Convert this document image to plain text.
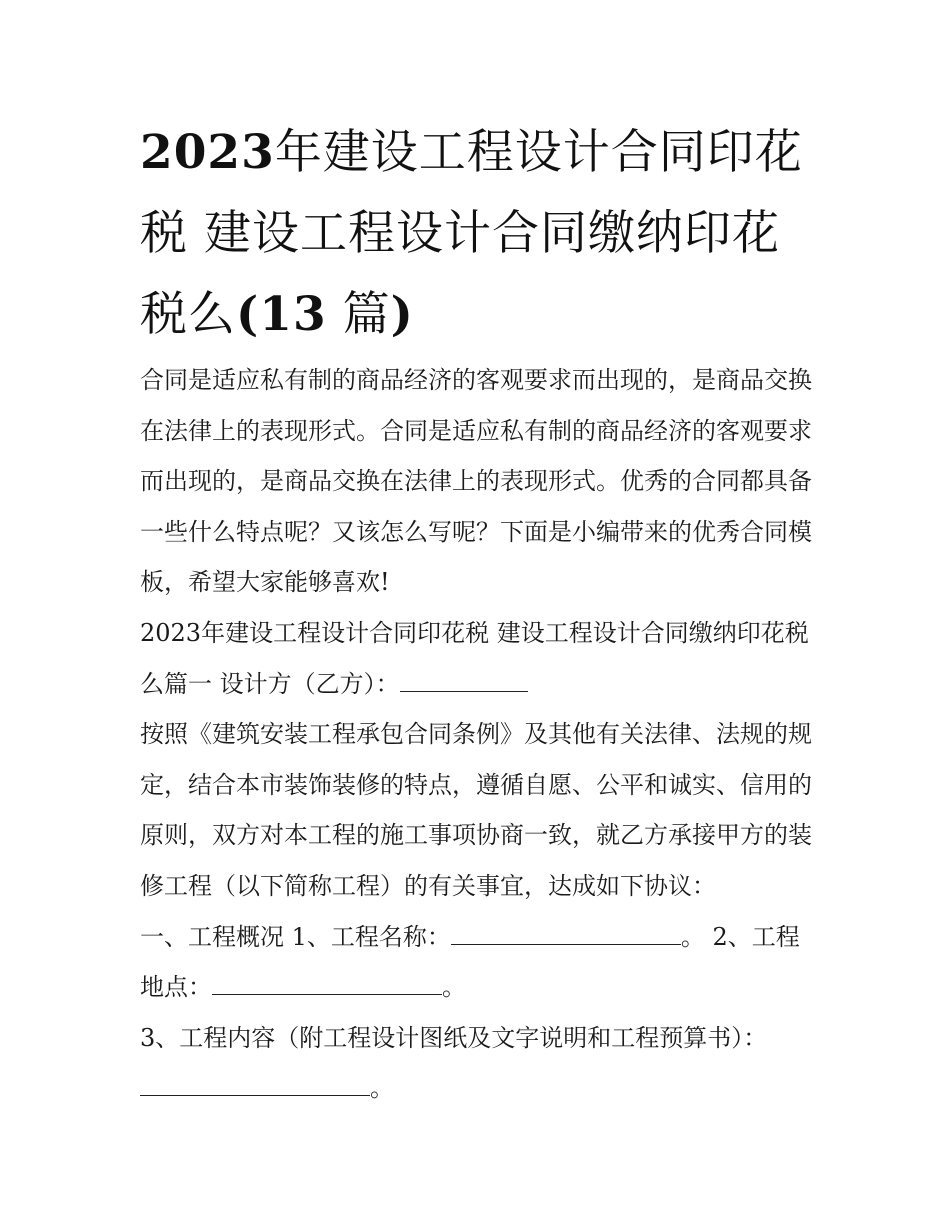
2023年建设工程设计合同印花税 建设工程设计合同缴纳印花税么(13 篇)

合同是适应私有制的商品经济的客观要求而出现的，是商品交换在法律上的表现形式。合同是适应私有制的商品经济的客观要求而出现的，是商品交换在法律上的表现形式。优秀的合同都具备一些什么特点呢？又该怎么写呢？下面是小编带来的优秀合同模板，希望大家能够喜欢!

2023年建设工程设计合同印花税 建设工程设计合同缴纳印花税么篇一 设计方（乙方）：

按照《建筑安装工程承包合同条例》及其他有关法律、法规的规定，结合本市装饰装修的特点，遵循自愿、公平和诚实、信用的原则，双方对本工程的施工事项协商一致，就乙方承接甲方的装修工程（以下简称工程）的有关事宜，达成如下协议：

一、工程概况 1、工程名称：	。 2、工程地点：	。

3、工程内容（附工程设计图纸及文字说明和工程预算书）：

。
